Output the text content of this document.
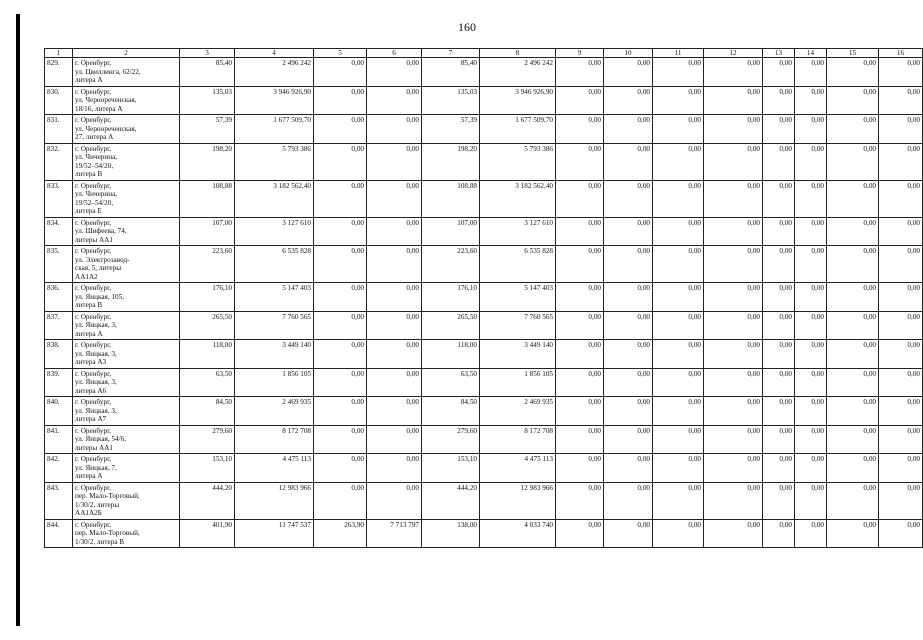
160
1	2	3	4	5	6	7	8	9	10	11	12	13	14	15	16
829.	г. Оренбург,
ул. Цвиллинга, 62/22,
литера А	85,40	2 496 242	0,00	0,00	85,40	2 496 242	0,00	0,00	0,00	0,00	0,00	0,00	0,00	0,00
830.	г. Оренбург,
ул. Чернореченская,
18/16, литера А	135,03	3 946 926,90	0,00	0,00	135,03	3 946 926,90	0,00	0,00	0,00	0,00	0,00	0,00	0,00	0,00
831.	г. Оренбург,
ул. Чернореченская,
27, литера А	57,39	1 677 509,70	0,00	0,00	57,39	1 677 509,70	0,00	0,00	0,00	0,00	0,00	0,00	0,00	0,00
832.	г. Оренбург,
ул. Чичерина,
19/52–54/20,
литера В	198,20	5 793 386	0,00	0,00	198,20	5 793 386	0,00	0,00	0,00	0,00	0,00	0,00	0,00	0,00
833.	г. Оренбург,
ул. Чичерина,
19/52–54/20,
литера Е	108,88	3 182 562,40	0,00	0,00	108,88	3 182 562,40	0,00	0,00	0,00	0,00	0,00	0,00	0,00	0,00
834.	г. Оренбург,
ул. Шифеева, 74,
литеры АА1	107,00	3 127 610	0,00	0,00	107,00	3 127 610	0,00	0,00	0,00	0,00	0,00	0,00	0,00	0,00
835.	г. Оренбург,
ул. Электрозавод-
ская, 5, литеры
АА1А2	223,60	6 535 828	0,00	0,00	223,60	6 535 828	0,00	0,00	0,00	0,00	0,00	0,00	0,00	0,00
836.	г. Оренбург,
ул. Яицкая, 105,
литера В	176,10	5 147 403	0,00	0,00	176,10	5 147 403	0,00	0,00	0,00	0,00	0,00	0,00	0,00	0,00
837.	г. Оренбург,
ул. Яицкая, 3,
литера А	265,50	7 760 565	0,00	0,00	265,50	7 760 565	0,00	0,00	0,00	0,00	0,00	0,00	0,00	0,00
838.	г. Оренбург,
ул. Яицкая, 3,
литера А3	118,00	3 449 140	0,00	0,00	118,00	3 449 140	0,00	0,00	0,00	0,00	0,00	0,00	0,00	0,00
839.	г. Оренбург,
ул. Яицкая, 3,
литера А6	63,50	1 856 105	0,00	0,00	63,50	1 856 105	0,00	0,00	0,00	0,00	0,00	0,00	0,00	0,00
840.	г. Оренбург,
ул. Яицкая, 3,
литера А7	84,50	2 469 935	0,00	0,00	84,50	2 469 935	0,00	0,00	0,00	0,00	0,00	0,00	0,00	0,00
841.	г. Оренбург,
ул. Яицкая, 54/6,
литеры АА1	279,60	8 172 708	0,00	0,00	279,60	8 172 708	0,00	0,00	0,00	0,00	0,00	0,00	0,00	0,00
842.	г. Оренбург,
ул. Яицкая, 7,
литера А	153,10	4 475 113	0,00	0,00	153,10	4 475 113	0,00	0,00	0,00	0,00	0,00	0,00	0,00	0,00
843.	г. Оренбург,
пер. Мало-Торговый,
1/30/2, литеры
АА1А2Б	444,20	12 983 966	0,00	0,00	444,20	12 983 966	0,00	0,00	0,00	0,00	0,00	0,00	0,00	0,00
844.	г. Оренбург,
пер. Мало-Торговый,
1/30/2, литера В	401,90	11 747 537	263,90	7 713 797	138,00	4 033 740	0,00	0,00	0,00	0,00	0,00	0,00	0,00	0,00
